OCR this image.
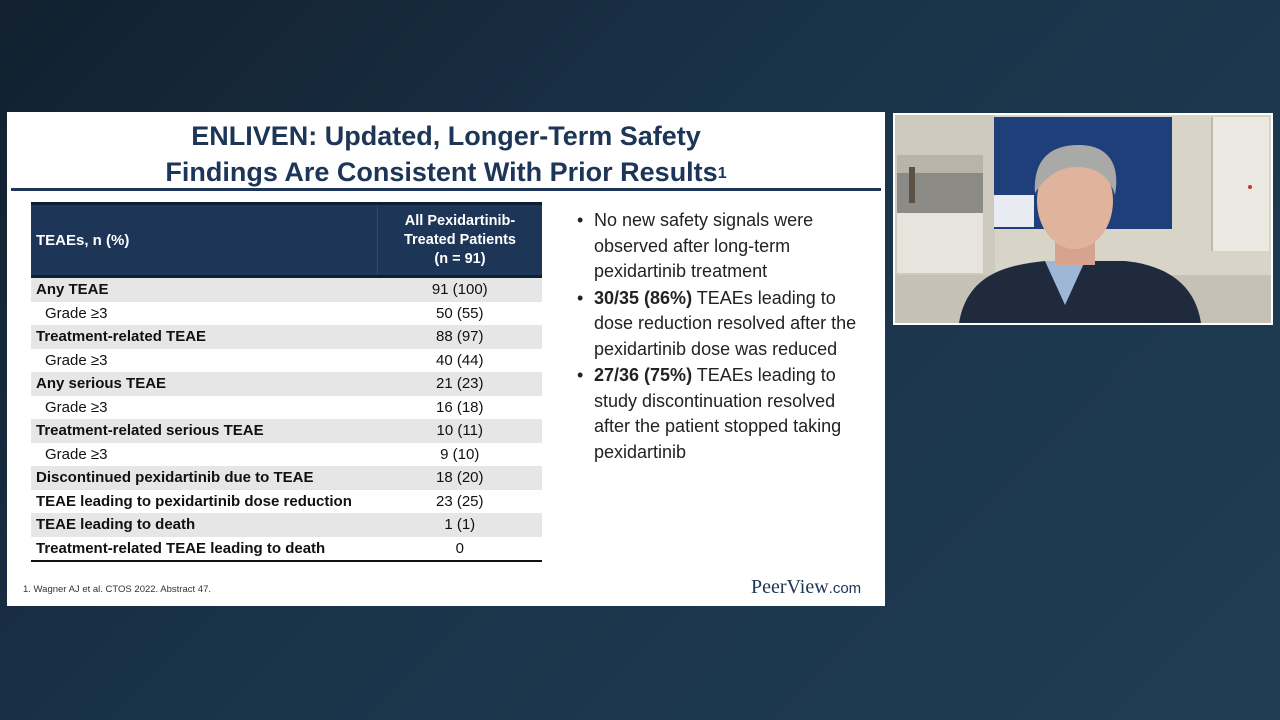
ENLIVEN: Updated, Longer-Term Safety
Findings Are Consistent With Prior Results$^1$
TEAEs, n (%)	All Pexidartinib-
Treated Patients
(n = 91)

Any TEAE	91 (100)
Grade ≥3	50 (55)
Treatment-related TEAE	88 (97)
Grade ≥3	40 (44)
Any serious TEAE	21 (23)
Grade ≥3	16 (18)
Treatment-related serious TEAE	10 (11)
Grade ≥3	9 (10)
Discontinued pexidartinib due to TEAE	18 (20)
TEAE leading to pexidartinib dose reduction	23 (25)
TEAE leading to death	1 (1)
Treatment-related TEAE leading to death	0
• No new safety signals were observed after long-term pexidartinib treatment
• 30/35 (86%) TEAEs leading to dose reduction resolved after the pexidartinib dose was reduced
• 27/36 (75%) TEAEs leading to study discontinuation resolved after the patient stopped taking pexidartinib
1. Wagner AJ et al. CTOS 2022. Abstract 47.	PeerView.com
